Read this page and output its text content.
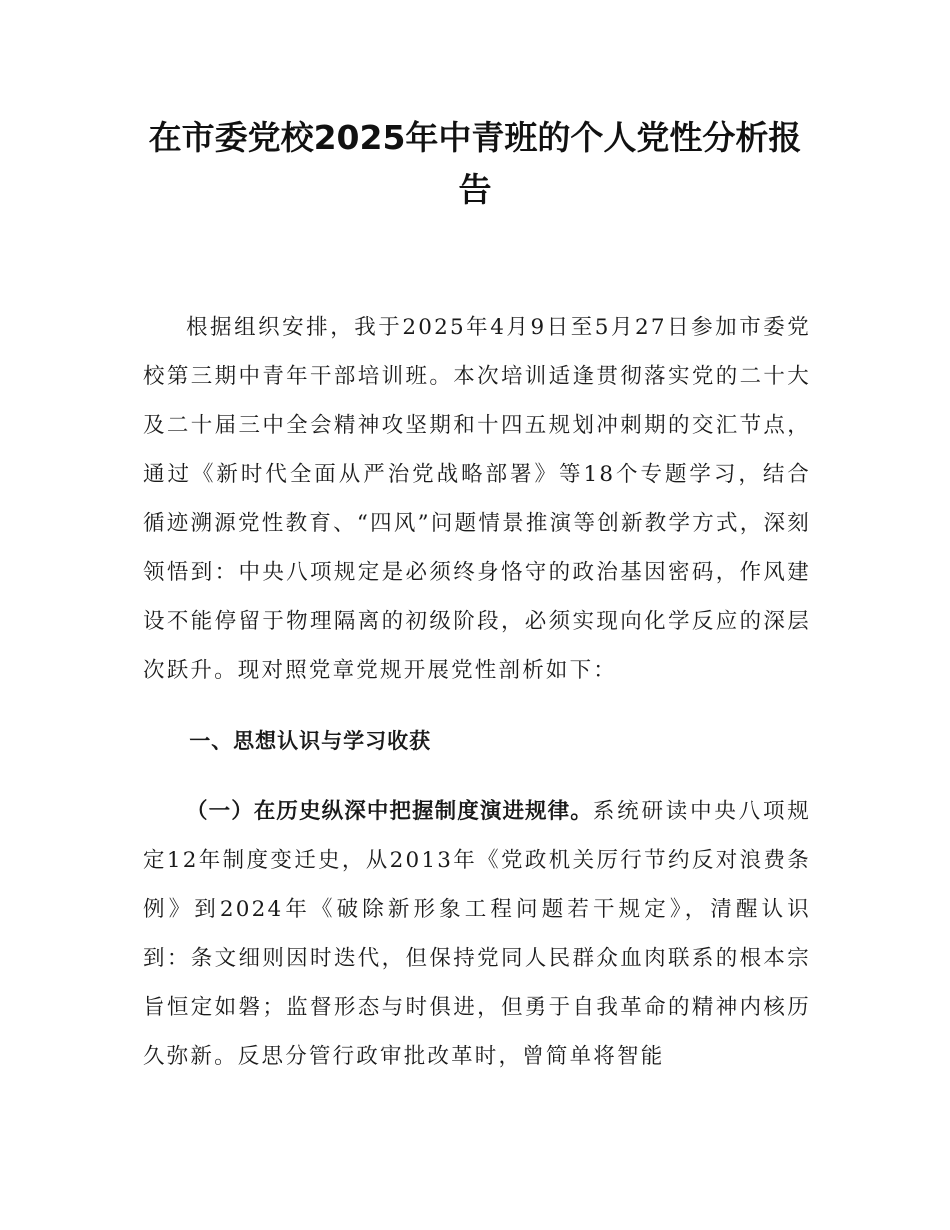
在市委党校2025年中青班的个人党性分析报告

根据组织安排，我于2025年4月9日至5月27日参加市委党校第三期中青年干部培训班。本次培训适逢贯彻落实党的二十大及二十届三中全会精神攻坚期和十四五规划冲刺期的交汇节点，通过《新时代全面从严治党战略部署》等18个专题学习，结合循迹溯源党性教育、“四风”问题情景推演等创新教学方式，深刻领悟到：中央八项规定是必须终身恪守的政治基因密码，作风建设不能停留于物理隔离的初级阶段，必须实现向化学反应的深层次跃升。现对照党章党规开展党性剖析如下：

一、思想认识与学习收获

（一）在历史纵深中把握制度演进规律。系统研读中央八项规定12年制度变迁史，从2013年《党政机关厉行节约反对浪费条例》到2024年《破除新形象工程问题若干规定》，清醒认识到：条文细则因时迭代，但保持党同人民群众血肉联系的根本宗旨恒定如磐；监督形态与时俱进，但勇于自我革命的精神内核历久弥新。反思分管行政审批改革时，曾简单将智能
